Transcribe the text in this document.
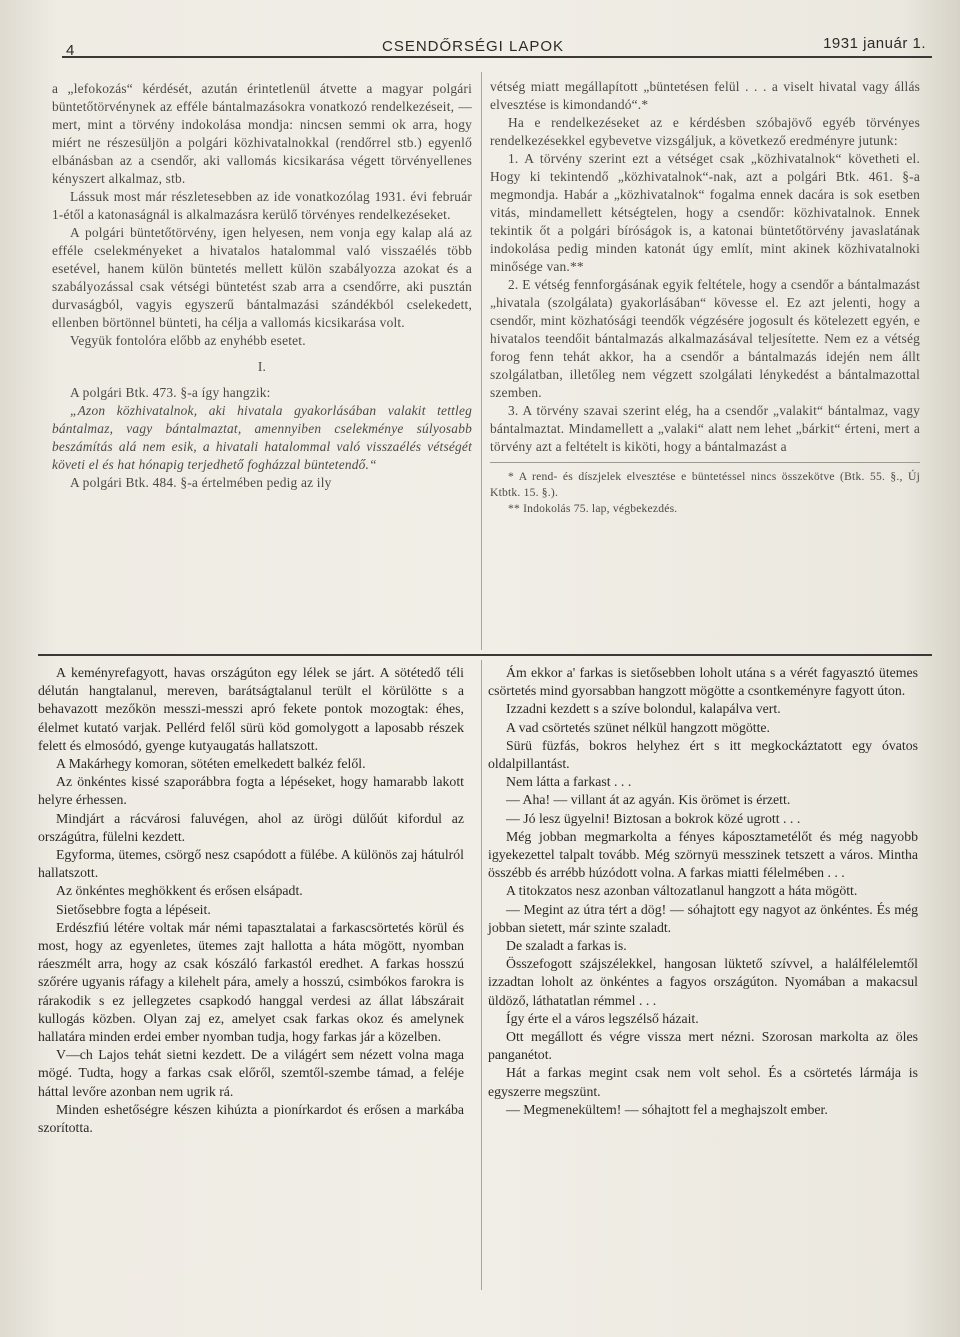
4	CSENDŐRSÉGI LAPOK	1931 január 1.

a „lefokozás“ kérdését, azután érintetlenül átvette a magyar polgári büntetőtörvénynek az efféle bántalmazásokra vonatkozó rendelkezéseit, — mert, mint a törvény indokolása mondja: nincsen semmi ok arra, hogy miért ne részesüljön a polgári közhivatalnokkal (rendőrrel stb.) egyenlő elbánásban az a csendőr, aki vallomás kicsikarása végett törvényellenes kényszert alkalmaz, stb.

Lássuk most már részletesebben az ide vonatkozólag 1931. évi február 1-étől a katonaságnál is alkalmazásra kerülő törvényes rendelkezéseket.

A polgári büntetőtörvény, igen helyesen, nem vonja egy kalap alá az efféle cselekményeket a hivatalos hatalommal való visszaélés több esetével, hanem külön büntetés mellett külön szabályozza azokat és a szabályozással csak vétségi büntetést szab arra a csendőrre, aki pusztán durvaságból, vagyis egyszerű bántalmazási szándékból cselekedett, ellenben börtönnel bünteti, ha célja a vallomás kicsikarása volt.

Vegyük fontolóra előbb az enyhébb esetet.

I.

A polgári Btk. 473. §-a így hangzik:

„Azon közhivatalnok, aki hivatala gyakorlásában valakit tettleg bántalmaz, vagy bántalmaztat, amennyiben cselekménye súlyosabb beszámítás alá nem esik, a hivatali hatalommal való visszaélés vétségét követi el és hat hónapig terjedhető fogházzal büntetendő.“

A polgári Btk. 484. §-a értelmében pedig az ily

vétség miatt megállapított „büntetésen felül . . . a viselt hivatal vagy állás elvesztése is kimondandó“.*

Ha e rendelkezéseket az e kérdésben szóbajövő egyéb törvényes rendelkezésekkel egybevetve vizsgáljuk, a következő eredményre jutunk:

1. A törvény szerint ezt a vétséget csak „közhivatalnok“ követheti el. Hogy ki tekintendő „közhivatalnok“-nak, azt a polgári Btk. 461. §-a megmondja. Habár a „közhivatalnok“ fogalma ennek dacára is sok esetben vitás, mindamellett kétségtelen, hogy a csendőr: közhivatalnok. Ennek tekintik őt a polgári bíróságok is, a katonai büntetőtörvény javaslatának indokolása pedig minden katonát úgy említ, mint akinek közhivatalnoki minősége van.**

2. E vétség fennforgásának egyik feltétele, hogy a csendőr a bántalmazást „hivatala (szolgálata) gyakorlásában“ kövesse el. Ez azt jelenti, hogy a csendőr, mint közhatósági teendők végzésére jogosult és kötelezett egyén, e hivatalos teendőit bántalmazás alkalmazásával teljesítette. Nem ez a vétség forog fenn tehát akkor, ha a csendőr a bántalmazás idején nem állt szolgálatban, illetőleg nem végzett szolgálati lénykedést a bántalmazottal szemben.

3. A törvény szavai szerint elég, ha a csendőr „valakit“ bántalmaz, vagy bántalmaztat. Mindamellett a „valaki“ alatt nem lehet „bárkit“ érteni, mert a törvény azt a feltételt is kiköti, hogy a bántalmazást a

* A rend- és díszjelek elvesztése e büntetéssel nincs összekötve (Btk. 55. §., Új Ktbtk. 15. §.).

** Indokolás 75. lap, végbekezdés.

A keményrefagyott, havas országúton egy lélek se járt. A sötétedő téli délután hangtalanul, mereven, barátságtalanul terült el körülötte s a behavazott mezőkön messzi-messzi apró fekete pontok mozogtak: éhes, élelmet kutató varjak. Pellérd felől sürü köd gomolygott a laposabb részek felett és elmosódó, gyenge kutyaugatás hallatszott.

A Makárhegy komoran, sötéten emelkedett balkéz felől.

Az önkéntes kissé szaporábbra fogta a lépéseket, hogy hamarabb lakott helyre érhessen.

Mindjárt a rácvárosi faluvégen, ahol az ürögi dülőút kifordul az országútra, fülelni kezdett.

Egyforma, ütemes, csörgő nesz csapódott a fülébe. A különös zaj hátulról hallatszott.

Az önkéntes meghökkent és erősen elsápadt.

Sietősebbre fogta a lépéseit.

Erdészfiú létére voltak már némi tapasztalatai a farkascsörtetés körül és most, hogy az egyenletes, ütemes zajt hallotta a háta mögött, nyomban ráeszmélt arra, hogy az csak kószáló farkastól eredhet. A farkas hosszú szőrére ugyanis ráfagy a kilehelt pára, amely a hosszú, csimbókos farokra is rárakodik s ez jellegzetes csapkodó hanggal verdesi az állat lábszárait kullogás közben. Olyan zaj ez, amelyet csak farkas okoz és amelynek hallatára minden erdei ember nyomban tudja, hogy farkas jár a közelben.

V—ch Lajos tehát sietni kezdett. De a világért sem nézett volna maga mögé. Tudta, hogy a farkas csak előről, szemtől-szembe támad, a feléje háttal levőre azonban nem ugrik rá.

Minden eshetőségre készen kihúzta a pionírkardot és erősen a markába szorította.

Ám ekkor a' farkas is sietősebben loholt utána s a vérét fagyasztó ütemes csörtetés mind gyorsabban hangzott mögötte a csontkeményre fagyott úton.

Izzadni kezdett s a szíve bolondul, kalapálva vert.

A vad csörtetés szünet nélkül hangzott mögötte.

Sürü füzfás, bokros helyhez ért s itt megkockáztatott egy óvatos oldalpillantást.

Nem látta a farkast . . .

— Aha! — villant át az agyán. Kis örömet is érzett.

— Jó lesz ügyelni! Biztosan a bokrok közé ugrott . . .

Még jobban megmarkolta a fényes káposztametélőt és még nagyobb igyekezettel talpalt tovább. Még szörnyü messzinek tetszett a város. Mintha összébb és arrébb húzódott volna. A farkas miatti félelmében . . .

A titokzatos nesz azonban változatlanul hangzott a háta mögött.

— Megint az útra tért a dög! — sóhajtott egy nagyot az önkéntes. És még jobban sietett, már szinte szaladt.

De szaladt a farkas is.

Összefogott szájszélekkel, hangosan lüktető szívvel, a halálfélelemtől izzadtan loholt az önkéntes a fagyos országúton. Nyomában a makacsul üldöző, láthatatlan rémmel . . .

Így érte el a város legszélső házait.

Ott megállott és végre vissza mert nézni. Szorosan markolta az öles panganétot.

Hát a farkas megint csak nem volt sehol. És a csörtetés lármája is egyszerre megszünt.

— Megmenekültem! — sóhajtott fel a meghajszolt ember.
